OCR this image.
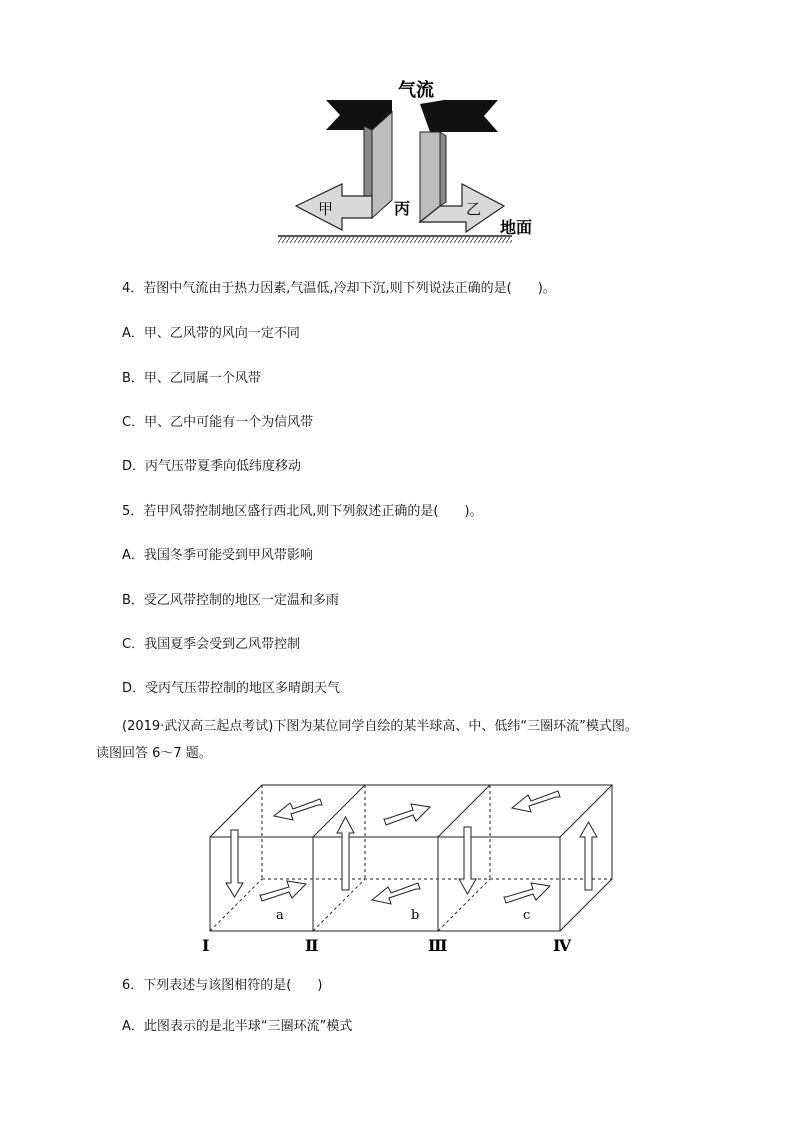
气流
甲	丙	乙
地面
4．若图中气流由于热力因素,气温低,冷却下沉,则下列说法正确的是(　　)。
A．甲、乙风带的风向一定不同
B．甲、乙同属一个风带
C．甲、乙中可能有一个为信风带
D．丙气压带夏季向低纬度移动
5．若甲风带控制地区盛行西北风,则下列叙述正确的是(　　)。
A．我国冬季可能受到甲风带影响
B．受乙风带控制的地区一定温和多雨
C．我国夏季会受到乙风带控制
D．受丙气压带控制的地区多晴朗天气
(2019·武汉高三起点考试)下图为某位同学自绘的某半球高、中、低纬“三圈环流”模式图。
读图回答 6～7 题。
a	b	c
Ⅰ	Ⅱ	Ⅲ	Ⅳ
6．下列表述与该图相符的是(　　)
A．此图表示的是北半球“三圈环流”模式
